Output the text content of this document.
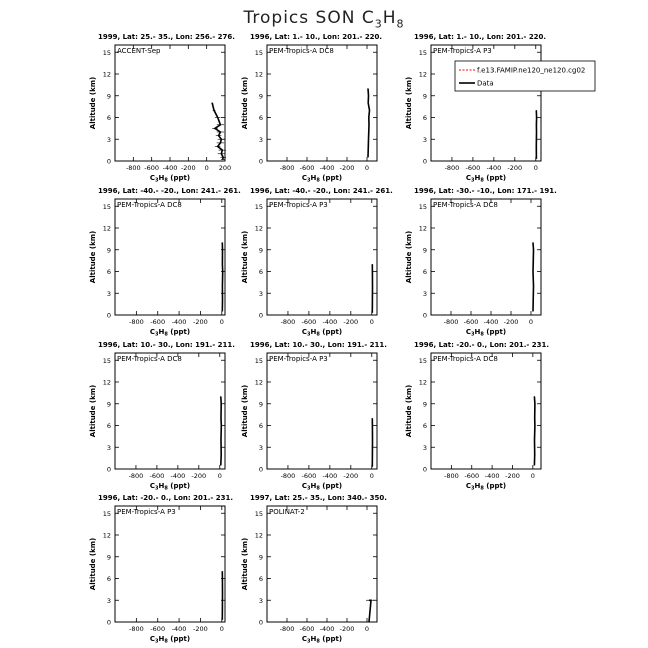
Tropics SON $C_3H_8$
1999, Lat: 25.- 35., Lon: 256.- 276.
ACCENT-Sep
0
3
6
9
12
15
-800 -600 -400 -200 0 200
$C_3H_8$ (ppt)
Altitude (km)
1996, Lat: 1.- 10., Lon: 201.- 220.
PEM-Tropics-A DC8
0
3
6
9
12
15
-800 -600 -400 -200 0
$C_3H_8$ (ppt)
Altitude (km)
1996, Lat: 1.- 10., Lon: 201.- 220.
PEM-Tropics-A P3
0
3
6
9
12
15
-800 -600 -400 -200 0
$C_3H_8$ (ppt)
Altitude (km)
1996, Lat: -40.- -20., Lon: 241.- 261.
PEM-Tropics-A DC8
0
3
6
9
12
15
-800 -600 -400 -200 0
$C_3H_8$ (ppt)
Altitude (km)
1996, Lat: -40.- -20., Lon: 241.- 261.
PEM-Tropics-A P3
0
3
6
9
12
15
-800 -600 -400 -200 0
$C_3H_8$ (ppt)
Altitude (km)
1996, Lat: -30.- -10., Lon: 171.- 191.
PEM-Tropics-A DC8
0
3
6
9
12
15
-800 -600 -400 -200 0
$C_3H_8$ (ppt)
Altitude (km)
1996, Lat: 10.- 30., Lon: 191.- 211.
PEM-Tropics-A DC8
0
3
6
9
12
15
-800 -600 -400 -200 0
$C_3H_8$ (ppt)
Altitude (km)
1996, Lat: 10.- 30., Lon: 191.- 211.
PEM-Tropics-A P3
0
3
6
9
12
15
-800 -600 -400 -200 0
$C_3H_8$ (ppt)
Altitude (km)
1996, Lat: -20.- 0., Lon: 201.- 231.
PEM-Tropics-A DC8
0
3
6
9
12
15
-800 -600 -400 -200 0
$C_3H_8$ (ppt)
Altitude (km)
1996, Lat: -20.- 0., Lon: 201.- 231.
PEM-Tropics-A P3
0
3
6
9
12
15
-800 -600 -400 -200 0
$C_3H_8$ (ppt)
Altitude (km)
1997, Lat: 25.- 35., Lon: 340.- 350.
POLINAT-2
0
3
6
9
12
15
-800 -600 -400 -200 0
$C_3H_8$ (ppt)
Altitude (km)
f.e13.FAMIP.ne120_ne120.cg02
Data
